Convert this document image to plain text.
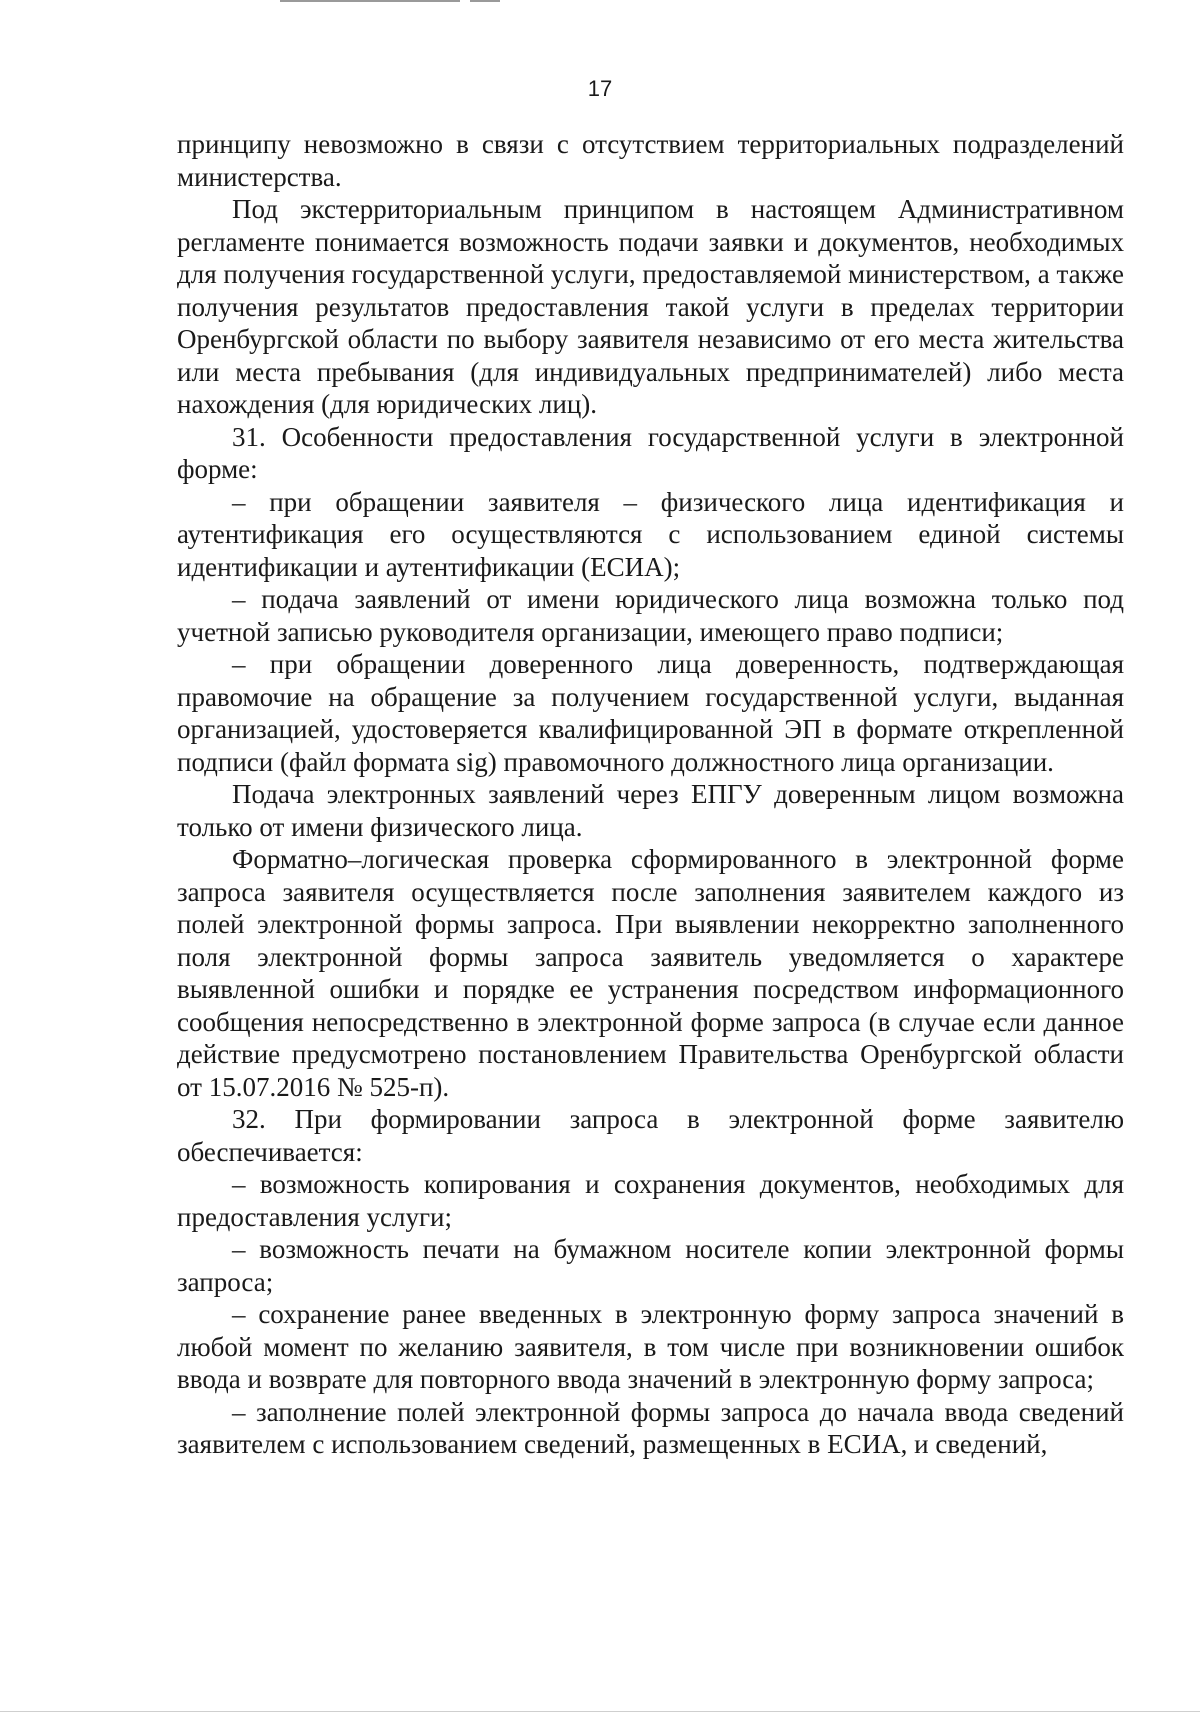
17

принципу невозможно в связи с отсутствием территориальных подразделений министерства.

Под экстерриториальным принципом в настоящем Административном регламенте понимается возможность подачи заявки и документов, необходимых для получения государственной услуги, предоставляемой министерством, а также получения результатов предоставления такой услуги в пределах территории Оренбургской области по выбору заявителя независимо от его места жительства или места пребывания (для индивидуальных предпринимателей) либо места нахождения (для юридических лиц).

31. Особенности предоставления государственной услуги в электронной форме:

– при обращении заявителя – физического лица идентификация и аутентификация его осуществляются с использованием единой системы идентификации и аутентификации (ЕСИА);

– подача заявлений от имени юридического лица возможна только под учетной записью руководителя организации, имеющего право подписи;

– при обращении доверенного лица доверенность, подтверждающая правомочие на обращение за получением государственной услуги, выданная организацией, удостоверяется квалифицированной ЭП в формате открепленной подписи (файл формата sig) правомочного должностного лица организации.

Подача электронных заявлений через ЕПГУ доверенным лицом возможна только от имени физического лица.

Форматно–логическая проверка сформированного в электронной форме запроса заявителя осуществляется после заполнения заявителем каждого из полей электронной формы запроса. При выявлении некорректно заполненного поля электронной формы запроса заявитель уведомляется о характере выявленной ошибки и порядке ее устранения посредством информационного сообщения непосредственно в электронной форме запроса (в случае если данное действие предусмотрено постановлением Правительства Оренбургской области от 15.07.2016 № 525-п).

32. При формировании запроса в электронной форме заявителю обеспечивается:

– возможность копирования и сохранения документов, необходимых для предоставления услуги;

– возможность печати на бумажном носителе копии электронной формы запроса;

– сохранение ранее введенных в электронную форму запроса значений в любой момент по желанию заявителя, в том числе при возникновении ошибок ввода и возврате для повторного ввода значений в электронную форму запроса;

– заполнение полей электронной формы запроса до начала ввода сведений заявителем с использованием сведений, размещенных в ЕСИА, и сведений,
